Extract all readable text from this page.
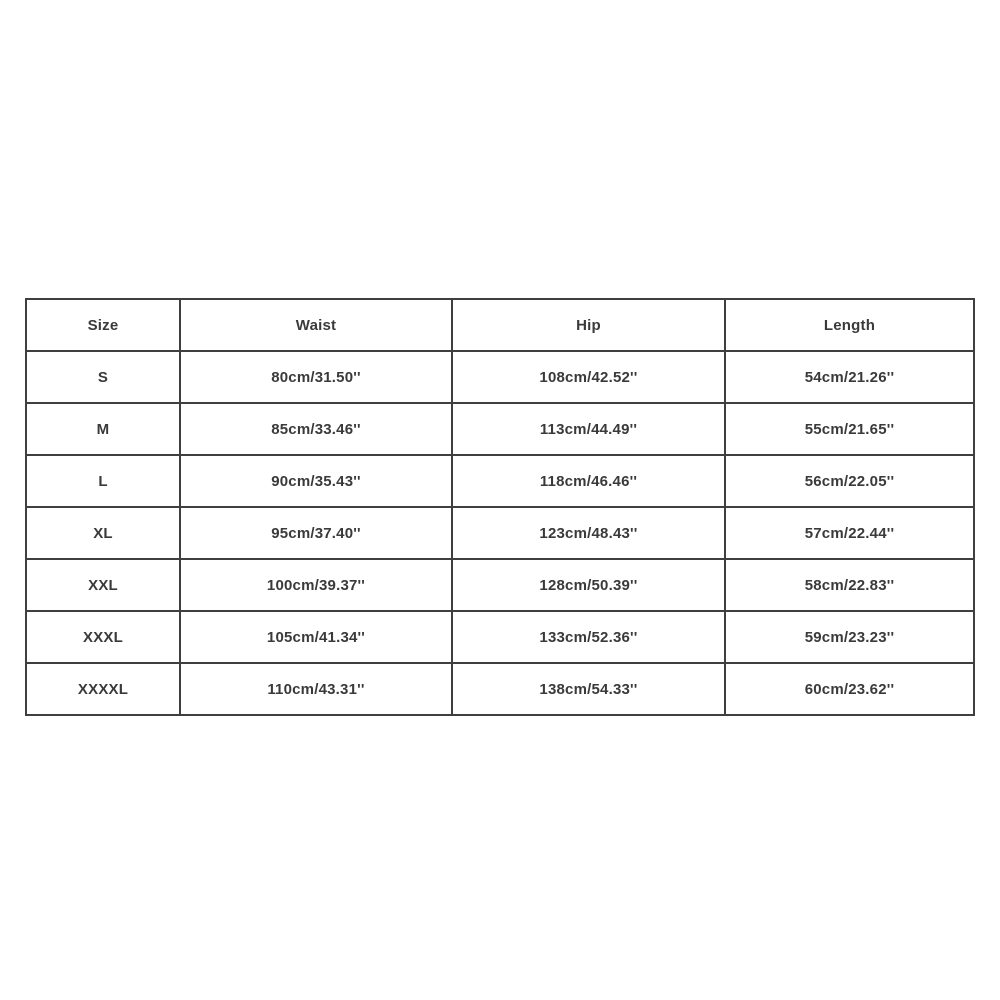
Size	Waist	Hip	Length
S	80cm/31.50''	108cm/42.52''	54cm/21.26''
M	85cm/33.46''	113cm/44.49''	55cm/21.65''
L	90cm/35.43''	118cm/46.46''	56cm/22.05''
XL	95cm/37.40''	123cm/48.43''	57cm/22.44''
XXL	100cm/39.37''	128cm/50.39''	58cm/22.83''
XXXL	105cm/41.34''	133cm/52.36''	59cm/23.23''
XXXXL	110cm/43.31''	138cm/54.33''	60cm/23.62''
